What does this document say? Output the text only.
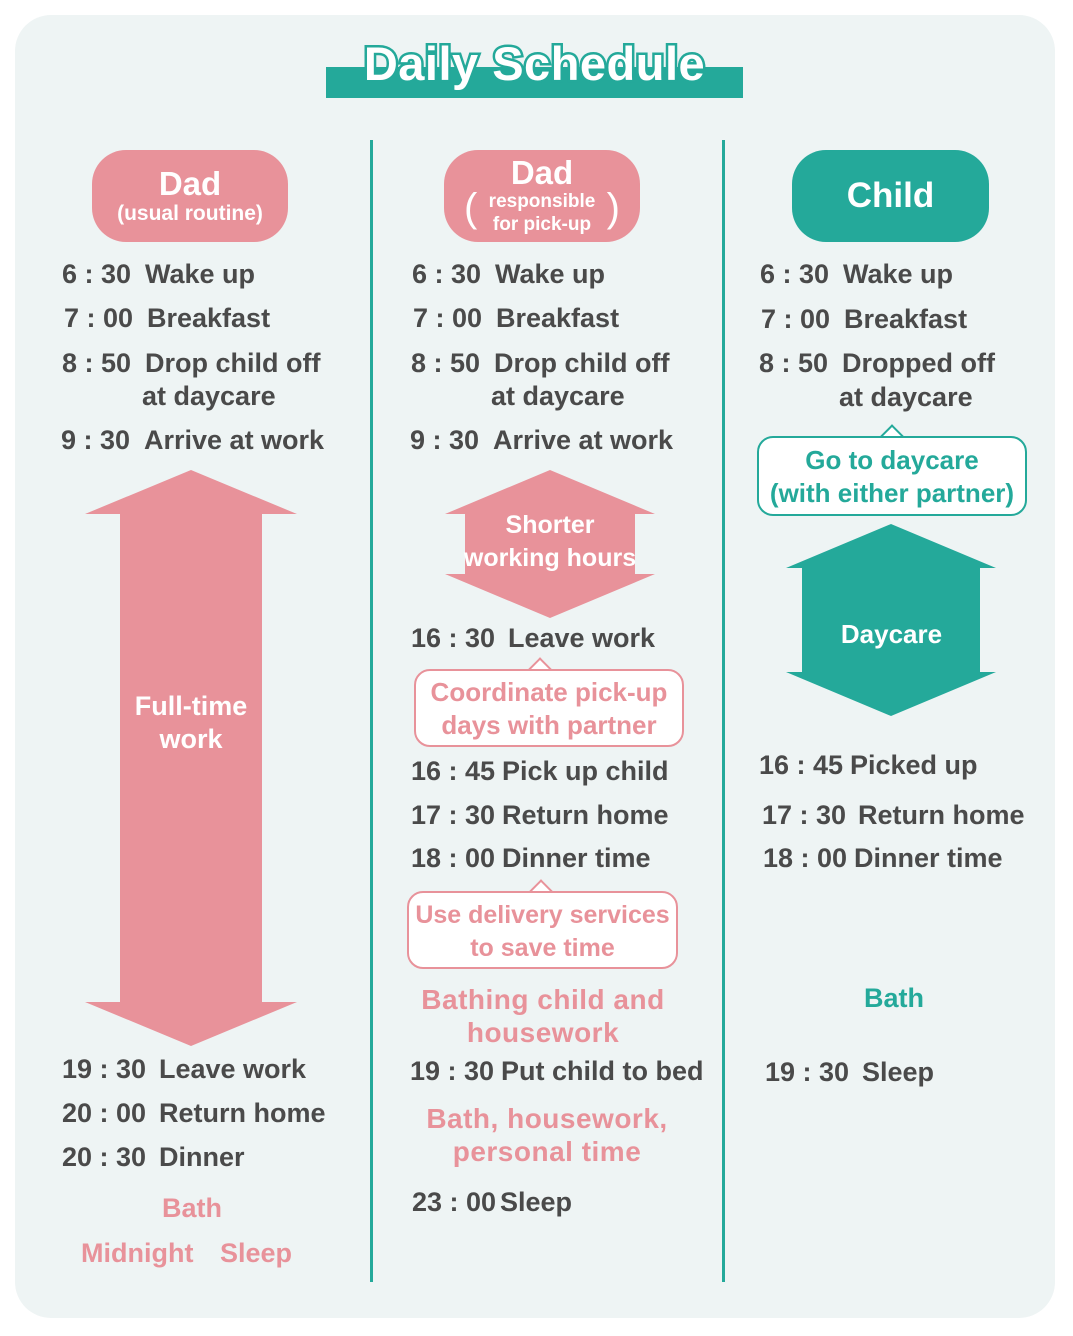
Daily Schedule
Dad
(usual routine)
6 : 30 Wake up
7 : 00 Breakfast
8 : 50 Drop child off
at daycare
9 : 30 Arrive at work
Full-time
work
19 : 30 Leave work
20 : 00 Return home
20 : 30 Dinner
Bath
Midnight Sleep
Dad
(	)
responsible
for pick-up
6 : 30 Wake up
7 : 00 Breakfast
8 : 50 Drop child off
at daycare
9 : 30 Arrive at work
Shorter
working hours
16 : 30 Leave work
Coordinate pick-up
days with partner
16 : 45 Pick up child
17 : 30 Return home
18 : 00 Dinner time
Use delivery services
to save time
Bathing child and
housework
19 : 30 Put child to bed
Bath, housework,
personal time
23 : 00 Sleep
Child
6 : 30 Wake up
7 : 00 Breakfast
8 : 50 Dropped off
at daycare
Go to daycare
(with either partner)
Daycare
16 : 45 Picked up
17 : 30 Return home
18 : 00 Dinner time
Bath
19 : 30 Sleep
